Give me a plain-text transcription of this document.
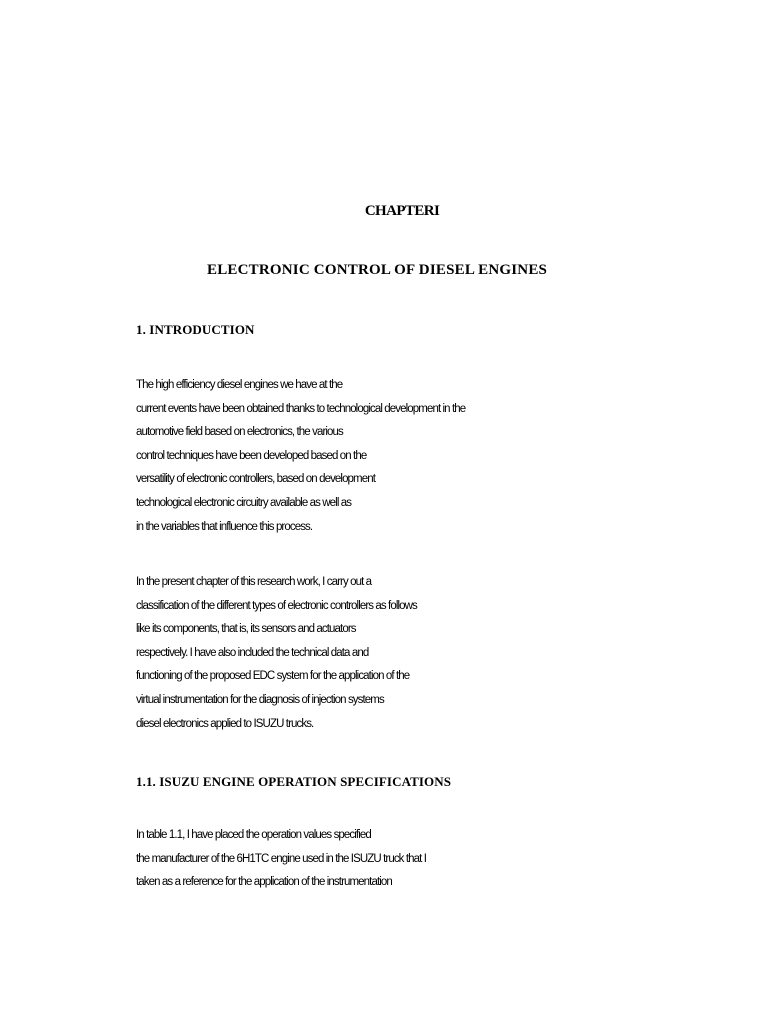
CHAPTERI
ELECTRONIC CONTROL OF DIESEL ENGINES
1. INTRODUCTION
The high efficiency diesel engines we have at the
current events have been obtained thanks to technological development in the
automotive field based on electronics, the various
control techniques have been developed based on the
versatility of electronic controllers, based on development
technological electronic circuitry available as well as
in the variables that influence this process.
In the present chapter of this research work, I carry out a
classification of the different types of electronic controllers as follows
like its components, that is, its sensors and actuators
respectively. I have also included the technical data and
functioning of the proposed EDC system for the application of the
virtual instrumentation for the diagnosis of injection systems
diesel electronics applied to ISUZU trucks.
1.1. ISUZU ENGINE OPERATION SPECIFICATIONS
In table 1.1, I have placed the operation values specified
the manufacturer of the 6H1TC engine used in the ISUZU truck that I
taken as a reference for the application of the instrumentation
